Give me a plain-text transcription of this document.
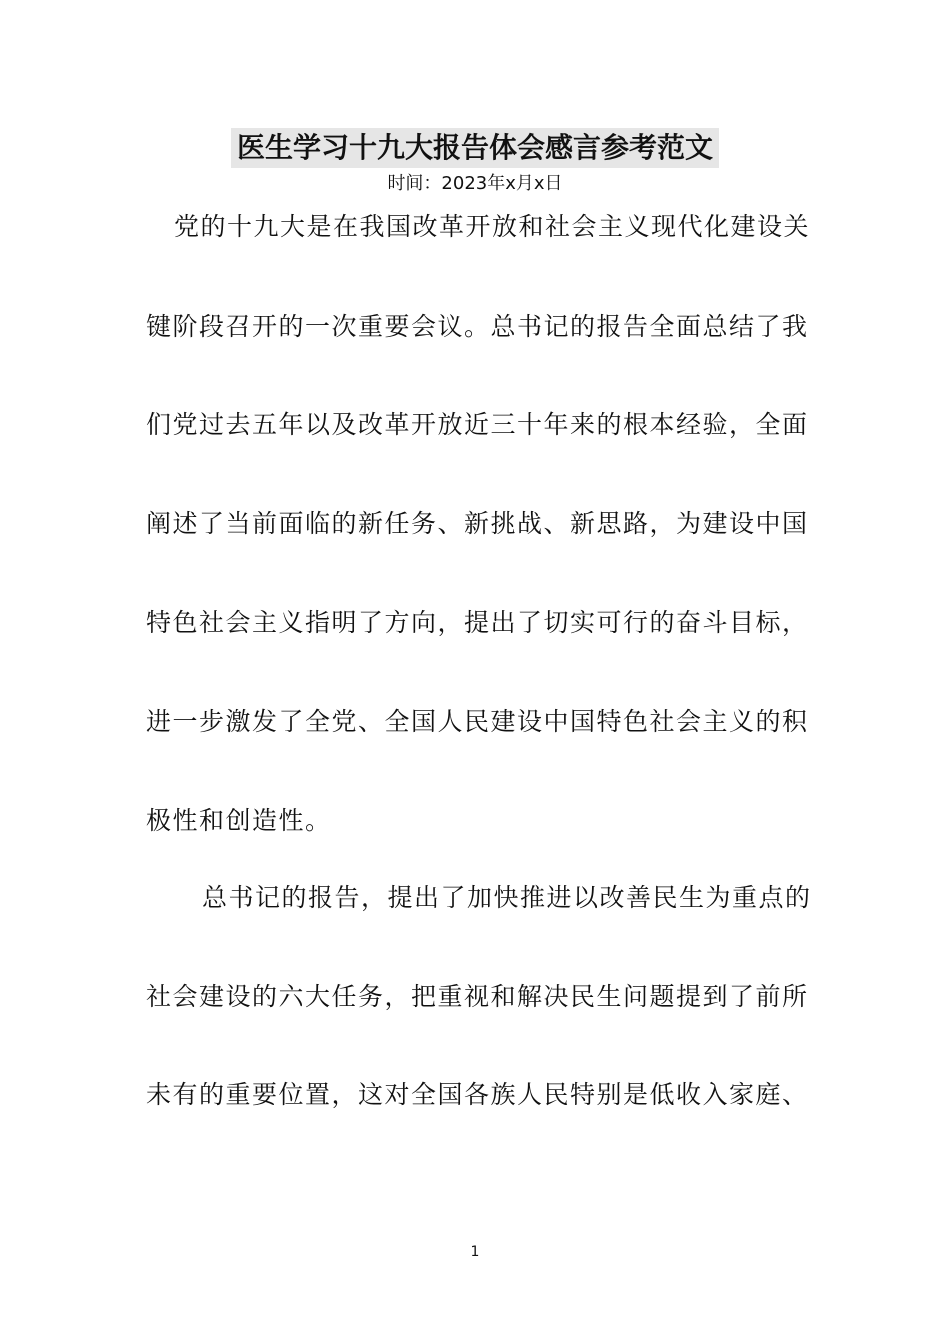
医生学习十九大报告体会感言参考范文
时间：2023年x月x日
党的十九大是在我国改革开放和社会主义现代化建设关
键阶段召开的一次重要会议。总书记的报告全面总结了我
们党过去五年以及改革开放近三十年来的根本经验，全面
阐述了当前面临的新任务、新挑战、新思路，为建设中国
特色社会主义指明了方向，提出了切实可行的奋斗目标，
进一步激发了全党、全国人民建设中国特色社会主义的积
极性和创造性。
总书记的报告，提出了加快推进以改善民生为重点的
社会建设的六大任务，把重视和解决民生问题提到了前所
未有的重要位置，这对全国各族人民特别是低收入家庭、
1
